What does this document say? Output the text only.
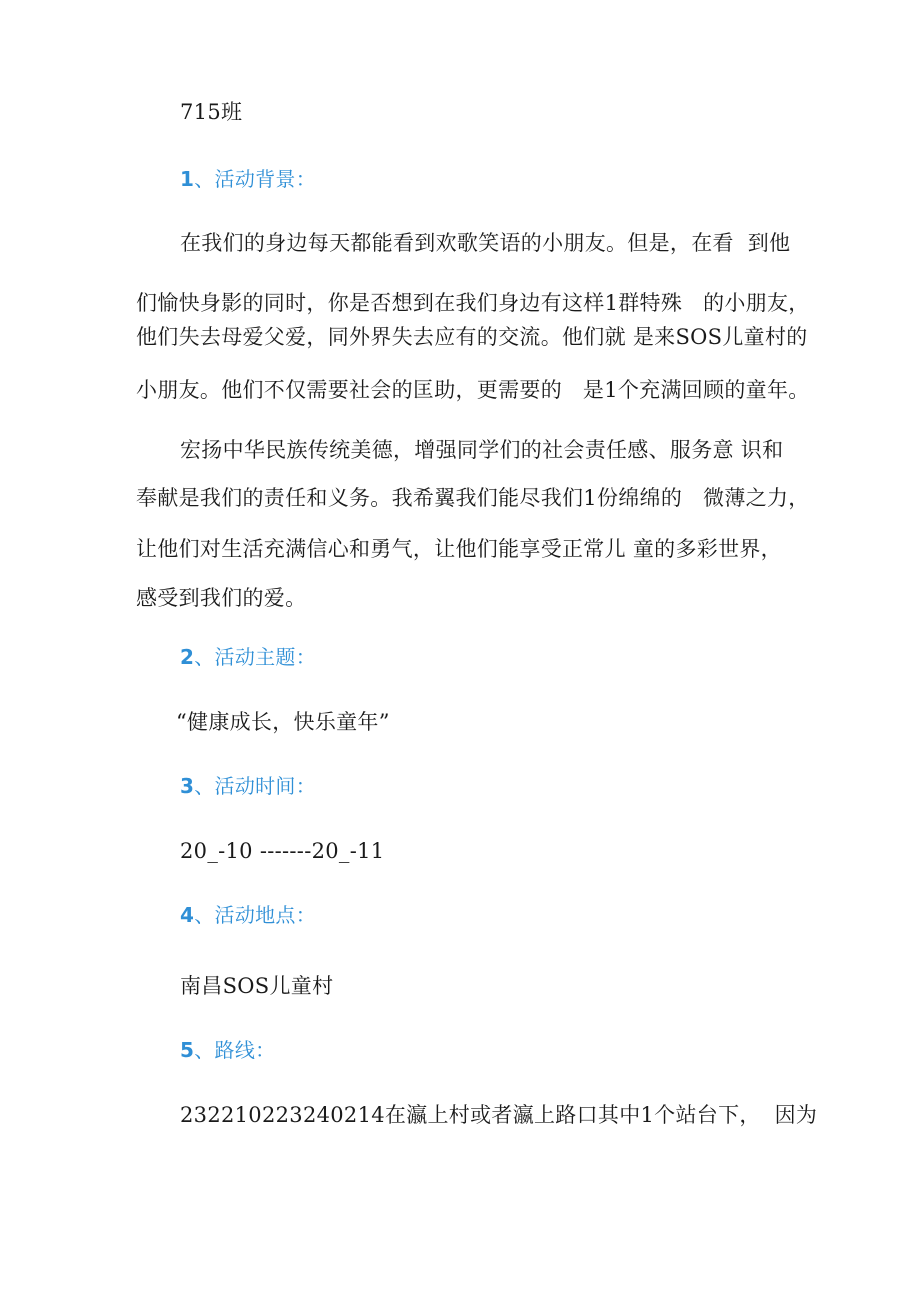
715班
1、活动背景：
在我们的身边每天都能看到欢歌笑语的小朋友。但是，在看  到他
们愉快身影的同时，你是否想到在我们身边有这样1群特殊   的小朋友，
他们失去母爱父爱，同外界失去应有的交流。他们就 是来SOS儿童村的
小朋友。他们不仅需要社会的匡助，更需要的   是1个充满回顾的童年。
宏扬中华民族传统美德，增强同学们的社会责任感、服务意 识和
奉献是我们的责任和义务。我希翼我们能尽我们1份绵绵的   微薄之力，
让他们对生活充满信心和勇气，让他们能享受正常儿 童的多彩世界，
感受到我们的爱。
2、活动主题：
“健康成长，快乐童年”
3、活动时间：
20_-10 -------20_-11
4、活动地点：
南昌SOS儿童村
5、路线：
232210223240214在瀛上村或者瀛上路口其中1个站台下，  因为
